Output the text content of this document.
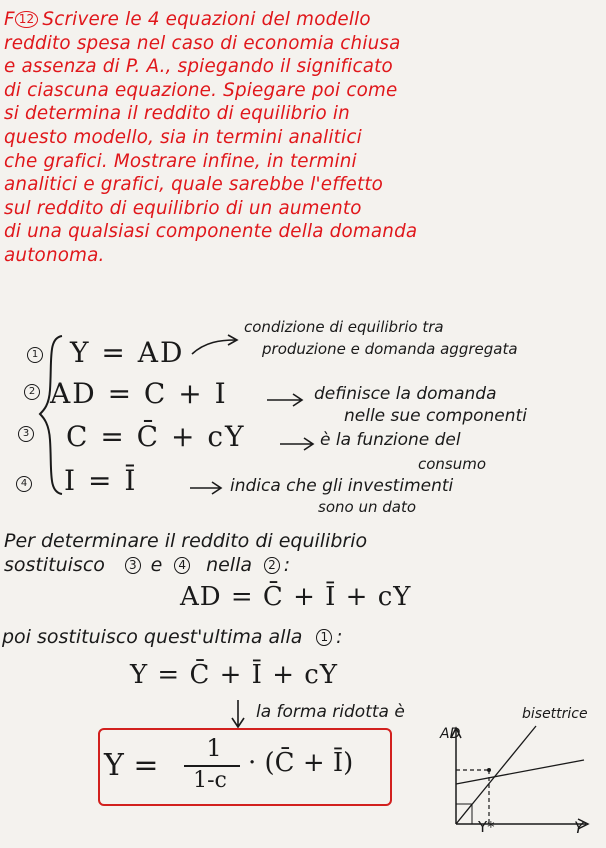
F 12 Scrivere le 4 equazioni del modello
reddito spesa nel caso di economia chiusa
e assenza di P. A., spiegando il significato
di ciascuna equazione. Spiegare poi come
si determina il reddito di equilibrio in
questo modello, sia in termini analitici
che grafici. Mostrare infine, in termini
analitici e grafici, quale sarebbe l'effetto
sul reddito di equilibrio di un aumento
di una qualsiasi componente della domanda
autonoma.
1 Y = AD
condizione di equilibrio tra
produzione e domanda aggregata
2 AD = C + I	definisce la domanda
nelle sue componenti
3 C = C̄ + cY	è la funzione del
consumo
4 I = Ī	indica che gli investimenti
sono un dato
Per determinare il reddito di equilibrio
sostituisco 3 e 4 nella 2 :
AD = C̄ + Ī + cY
poi sostituisco quest'ultima alla 1 :
Y = C̄ + Ī + cY
la forma ridotta è
Y =	1
1-c
· (C̄ + Ī)
AD
Y
bisettrice
Y*
